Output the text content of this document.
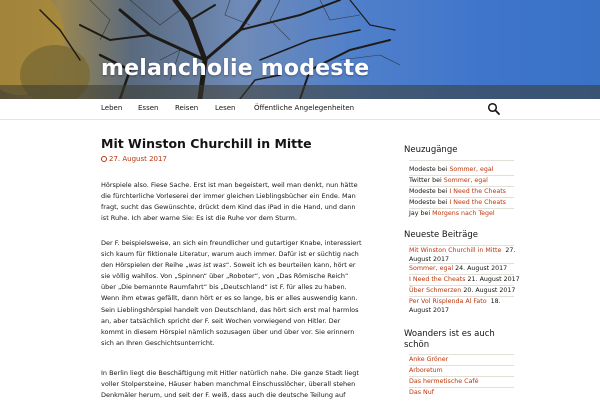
melancholie modeste
Leben Essen Reisen Lesen	Öffentliche Angelegenheiten
Mit Winston Churchill in Mitte
27. August 2017

Hörspiele also. Fiese Sache. Erst ist man begeistert, weil man denkt, nun hätte die fürchterliche Vorleserei der immer gleichen Lieblingsbücher ein Ende. Man fragt, sucht das Gewünschte, drückt dem Kind das iPad in die Hand, und dann ist Ruhe. Ich aber warne Sie: Es ist die Ruhe vor dem Sturm.

Der F. beispielsweise, an sich ein freundlicher und gutartiger Knabe, interessiert sich kaum für fiktionale Literatur, warum auch immer. Dafür ist er süchtig nach den Hörspielen der Reihe „was ist was“. Soweit ich es beurteilen kann, hört er sie völlig wahllos. Von „Spinnen“ über „Roboter“, von „Das Römische Reich“ über „Die bemannte Raumfahrt“ bis „Deutschland“ ist F. für alles zu haben. Wenn ihm etwas gefällt, dann hört er es so lange, bis er alles auswendig kann. Sein Lieblingshörspiel handelt von Deutschland, das hört sich erst mal harmlos an, aber tatsächlich spricht der F. seit Wochen vorwiegend von Hitler. Der kommt in diesem Hörspiel nämlich sozusagen über und über vor. Sie erinnern sich an Ihren Geschichtsunterricht.

In Berlin liegt die Beschäftigung mit Hitler natürlich nahe. Die ganze Stadt liegt voller Stolpersteine, Häuser haben manchmal Einschusslöcher, überall stehen Denkmäler herum, und seit der F. weiß, dass auch die deutsche Teilung auf

Neuzugänge
Modeste bei Sommer, egal
Twitter bei Sommer, egal
Modeste bei I Need the Cheats
Modeste bei I Need the Cheats
Jay bei Morgens nach Tegel
Neueste Beiträge
Mit Winston Churchill in Mitte 27. August 2017
Sommer, egal 24. August 2017
I Need the Cheats 21. August 2017
Über Schmerzen 20. August 2017
Per Vol Risplenda Al Fato 18. August 2017
Woanders ist es auch schön
Anke Gröner
Arboretum
Das hermetische Café
Das Nuf
